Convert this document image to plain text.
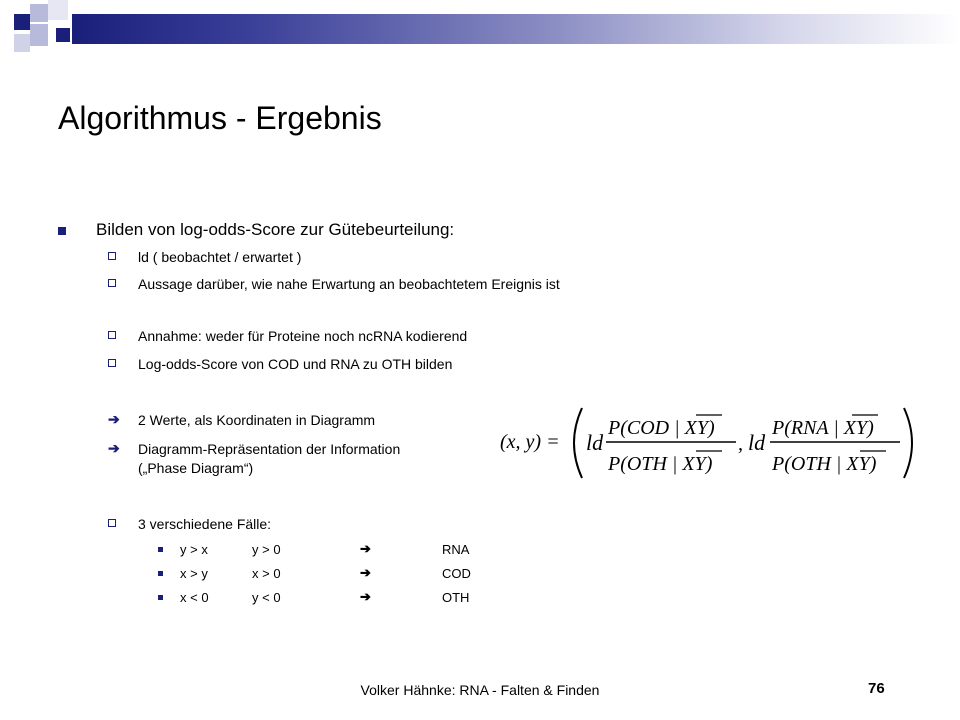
Algorithmus - Ergebnis
Bilden von log-odds-Score zur Gütebeurteilung:
ld ( beobachtet / erwartet )
Aussage darüber, wie nahe Erwartung an beobachtetem Ereignis ist
Annahme: weder für Proteine noch ncRNA kodierend
Log-odds-Score von COD und RNA zu OTH bilden
➔ 2 Werte, als Koordinaten in Diagramm
➔ Diagramm-Repräsentation der Information
(„Phase Diagram“)
(x, y) = ld
P(COD | XY)
P(OTH | XY)
, ld
P(RNA | XY)
P(OTH | XY)
3 verschiedene Fälle:
y > x	y > 0	➔	RNA
x > y	x > 0	➔	COD
x < 0	y < 0	➔	OTH
Volker Hähnke: RNA - Falten & Finden	76
